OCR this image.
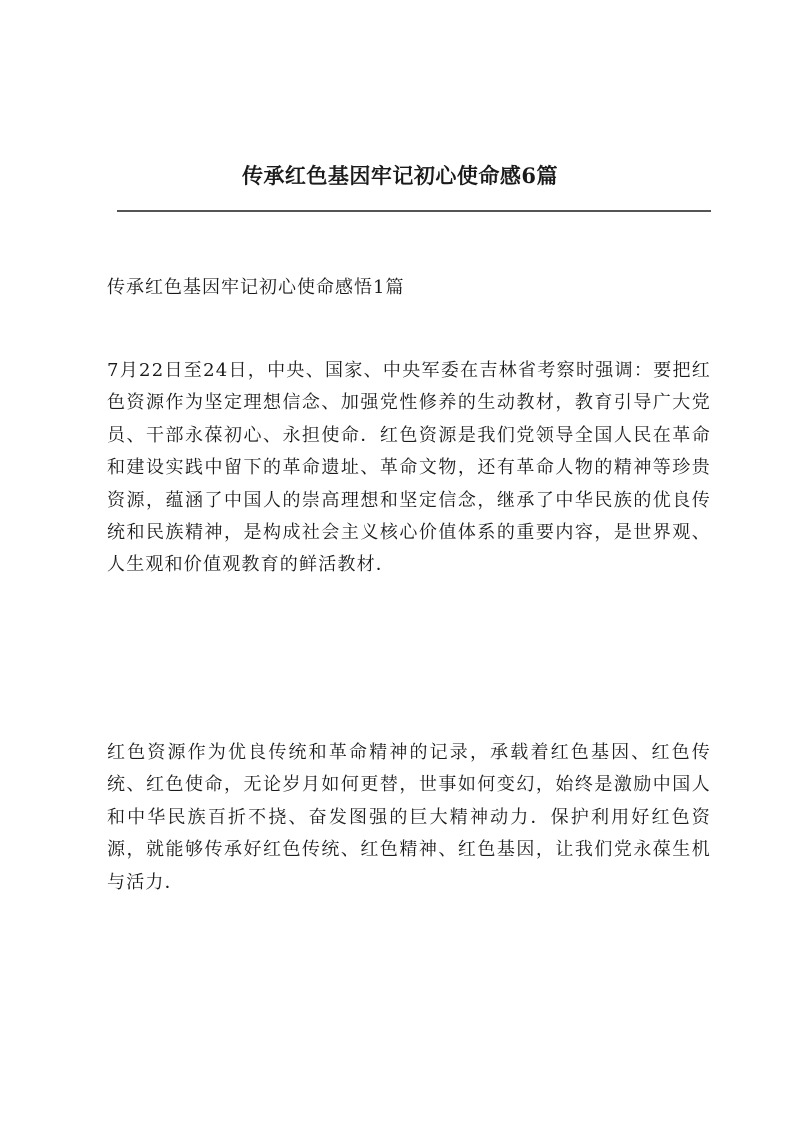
传承红色基因牢记初心使命感6篇
传承红色基因牢记初心使命感悟1篇

7月22日至24日，中央、国家、中央军委在吉林省考察时强调：要把红色资源作为坚定理想信念、加强党性修养的生动教材，教育引导广大党员、干部永葆初心、永担使命．红色资源是我们党领导全国人民在革命和建设实践中留下的革命遗址、革命文物，还有革命人物的精神等珍贵资源，蕴涵了中国人的崇高理想和坚定信念，继承了中华民族的优良传统和民族精神，是构成社会主义核心价值体系的重要内容，是世界观、人生观和价值观教育的鲜活教材．

红色资源作为优良传统和革命精神的记录，承载着红色基因、红色传统、红色使命，无论岁月如何更替，世事如何变幻，始终是激励中国人和中华民族百折不挠、奋发图强的巨大精神动力．保护利用好红色资源，就能够传承好红色传统、红色精神、红色基因，让我们党永葆生机与活力．
